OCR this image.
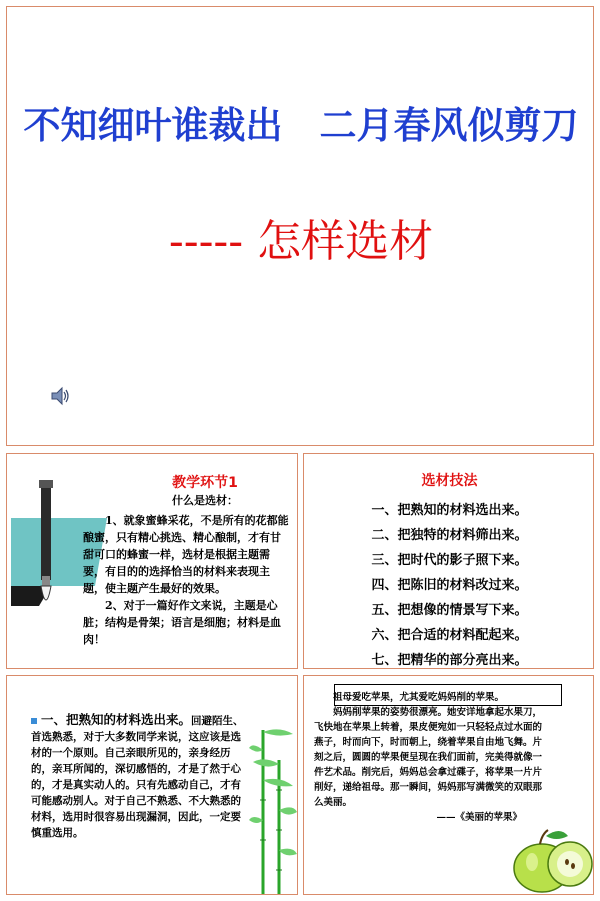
不知细叶谁裁出　二月春风似剪刀
----- 怎样选材
教学环节1
什么是选材：

1、就象蜜蜂采花，不是所有的花都能酿蜜，只有精心挑选、精心酿制，才有甘甜可口的蜂蜜一样，选材是根据主题需要，有目的的选择恰当的材料来表现主题，使主题产生最好的效果。

2、对于一篇好作文来说，主题是心脏；结构是骨架；语言是细胞；材料是血肉！

选材技法
一、把熟知的材料选出来。
二、把独特的材料筛出来。
三、把时代的影子照下来。
四、把陈旧的材料改过来。
五、把想像的情景写下来。
六、把合适的材料配起来。
七、把精华的部分亮出来。
一、把熟知的材料选出来。回避陌生、首选熟悉，对于大多数同学来说，这应该是选材的一个原则。自己亲眼所见的，亲身经历的，亲耳所闻的，深切感悟的，才是了然于心的，才是真实动人的。只有先感动自己，才有可能感动别人。对于自己不熟悉、不大熟悉的材料，选用时很容易出现漏洞，因此，一定要慎重选用。

祖母爱吃苹果，尤其爱吃妈妈削的苹果。

妈妈削苹果的姿势很漂亮。她安详地拿起水果刀，飞快地在苹果上转着，果皮便宛如一只轻轻点过水面的燕子，时而向下，时而朝上，绕着苹果自由地飞舞。片刻之后，圆圆的苹果便呈现在我们面前，完美得就像一件艺术品。削完后，妈妈总会拿过碟子，将苹果一片片削好，递给祖母。那一瞬间，妈妈那写满微笑的双眼那么美丽。

——《美丽的苹果》
